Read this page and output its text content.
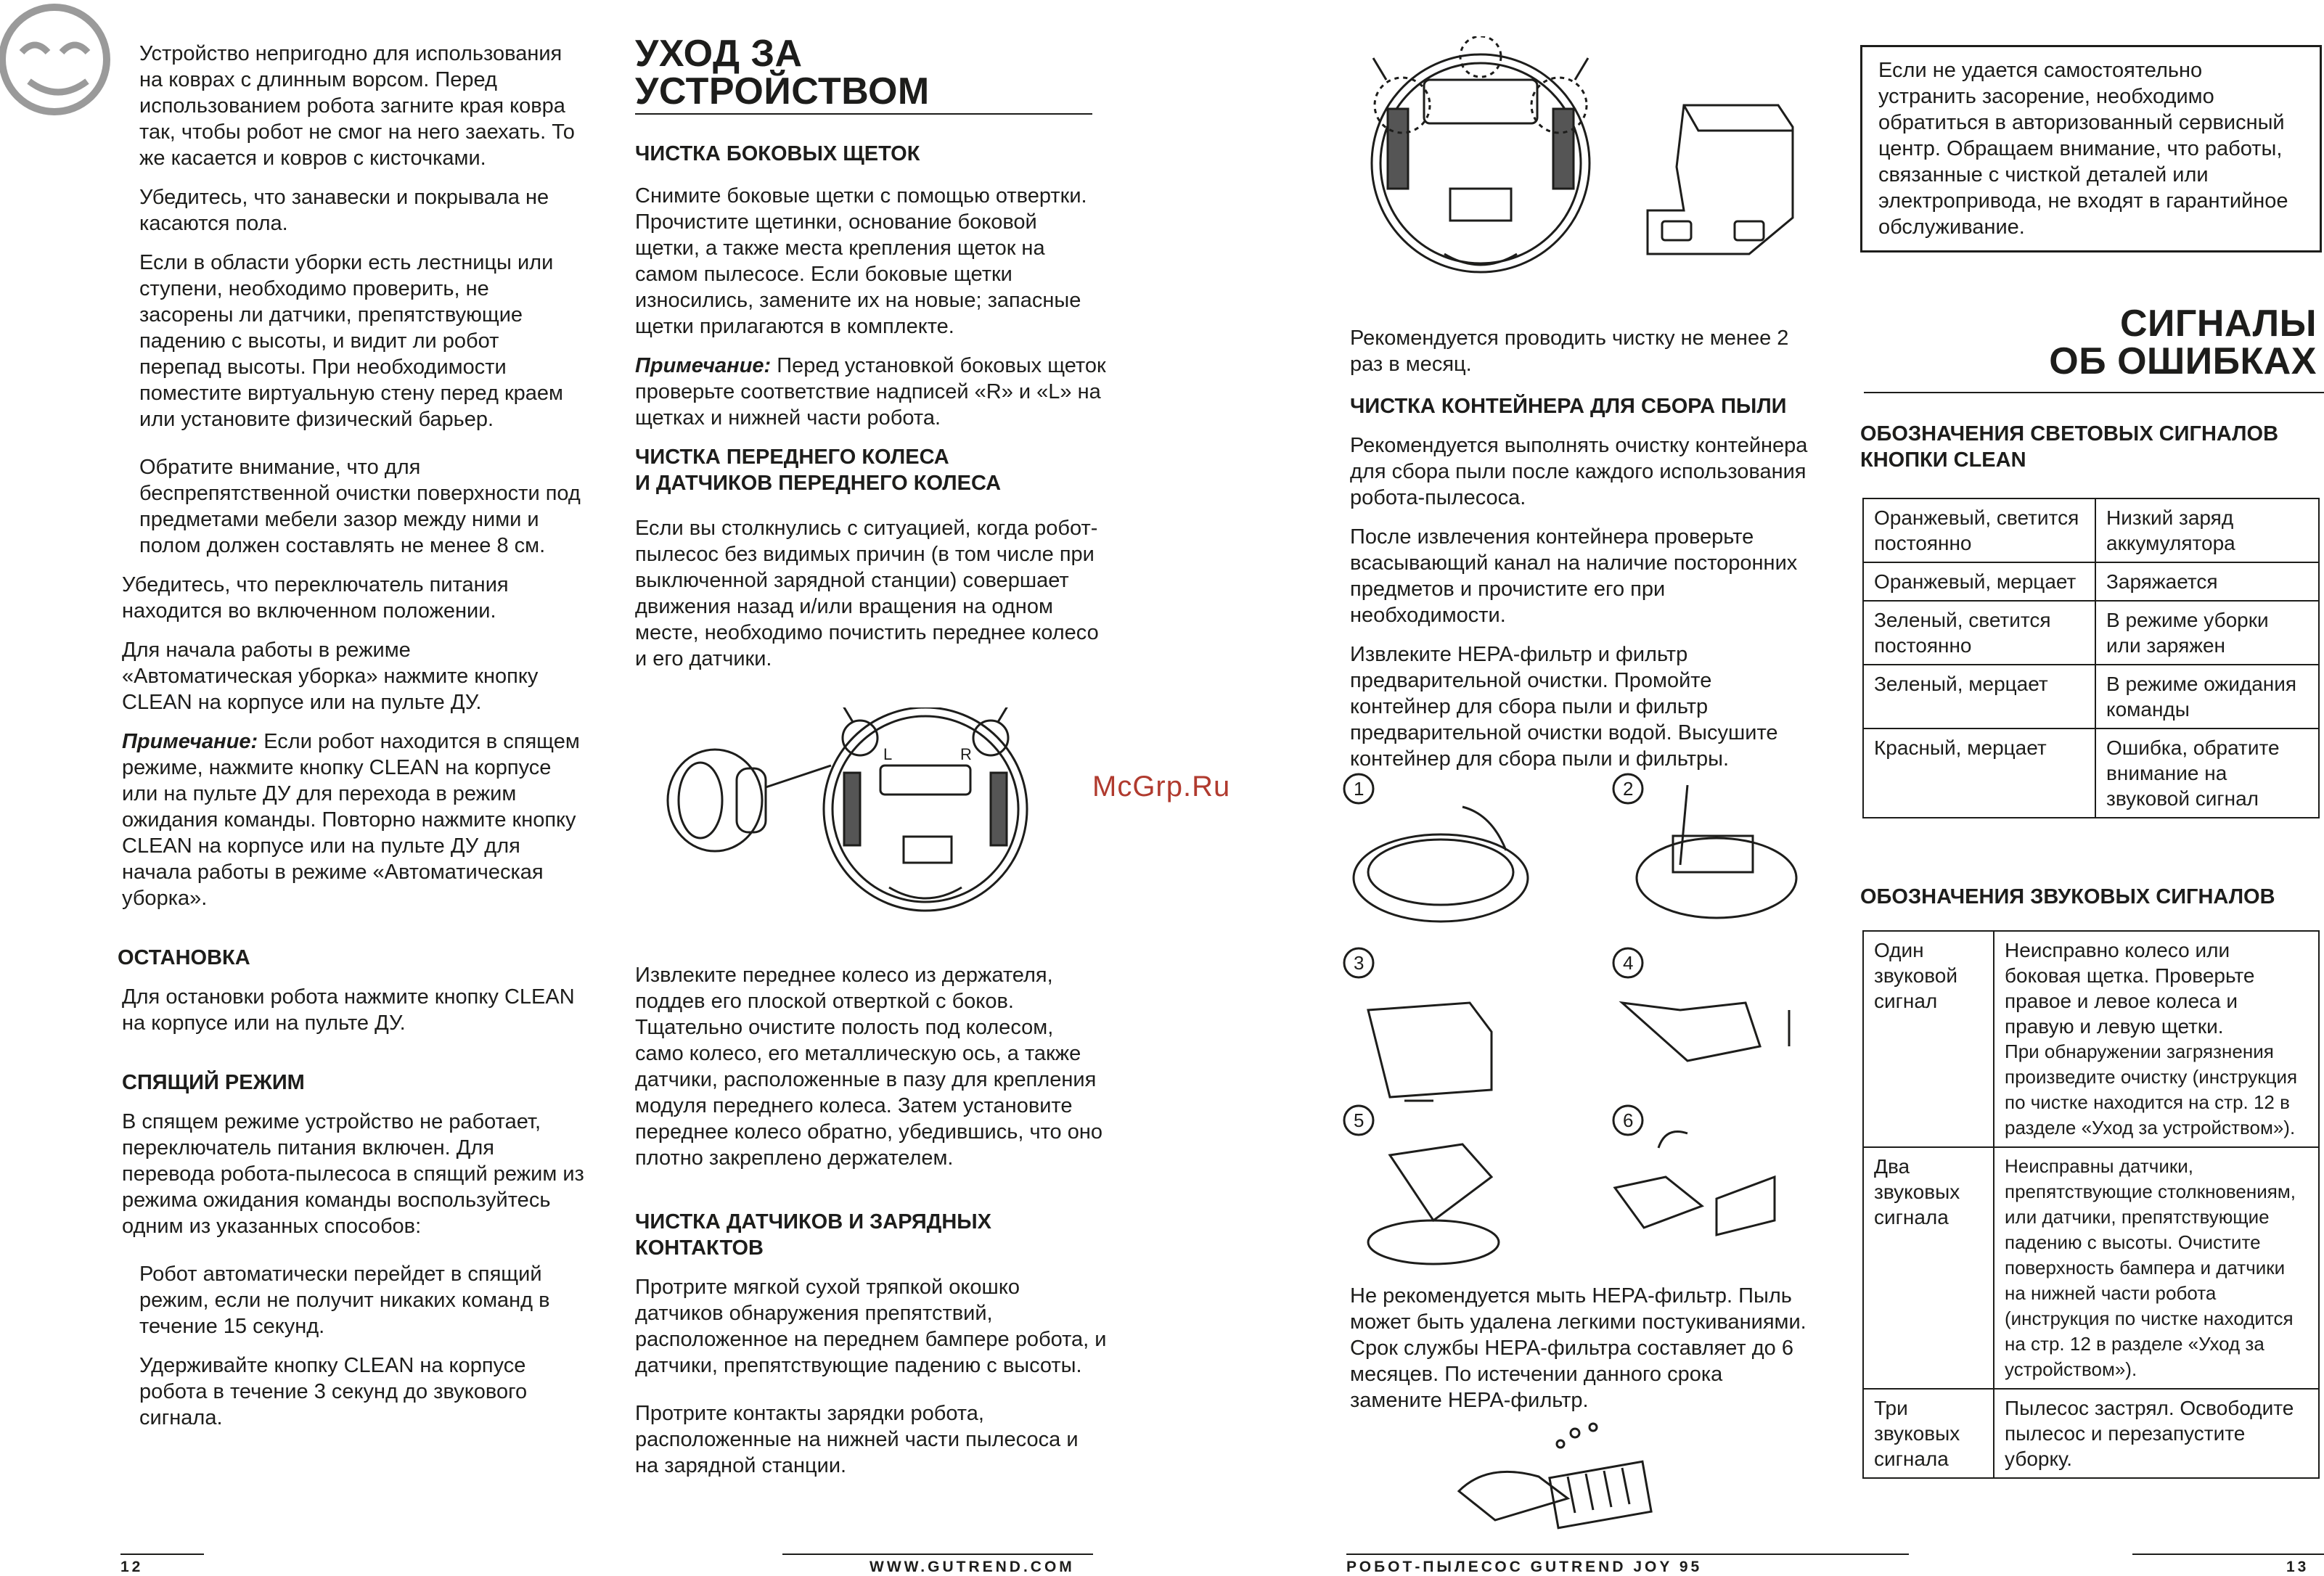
Устройство непригодно для использования на коврах с длинным ворсом. Перед использованием робота загните края ковра так, чтобы робот не смог на него заехать. То же касается и ковров с кисточками.

Убедитесь, что занавески и покрывала не касаются пола.

Если в области уборки есть лестницы или ступени, необходимо проверить, не засорены ли датчики, препятствующие падению с высоты, и видит ли робот перепад высоты. При необходимости поместите виртуальную стену перед краем или установите физический барьер.

Обратите внимание, что для беспрепятственной очистки поверхности под предметами мебели зазор между ними и полом должен составлять не менее 8 см.

Убедитесь, что переключатель питания находится во включенном положении.

Для начала работы в режиме «Автоматическая уборка» нажмите кнопку CLEAN на корпусе или на пульте ДУ.

Примечание: Если робот находится в спящем режиме, нажмите кнопку CLEAN на корпусе или на пульте ДУ для перехода в режим ожидания команды. Повторно нажмите кнопку CLEAN на корпусе или на пульте ДУ для начала работы в режиме «Автоматическая уборка».

ОСТАНОВКА

Для остановки робота нажмите кнопку CLEAN на корпусе или на пульте ДУ.

СПЯЩИЙ РЕЖИМ

В спящем режиме устройство не работает, переключатель питания включен. Для перевода робота-пылесоса в спящий режим из режима ожидания команды воспользуйтесь одним из указанных способов:

Робот автоматически перейдет в спящий режим, если не получит никаких команд в течение 15 секунд.

Удерживайте кнопку CLEAN на корпусе робота в течение 3 секунд до звукового сигнала.

УХОД ЗА

УСТРОЙСТВОМ

ЧИСТКА БОКОВЫХ ЩЕТОК

Снимите боковые щетки с помощью отвертки. Прочистите щетинки, основание боковой щетки, а также места крепления щеток на самом пылесосе. Если боковые щетки износились, замените их на новые; запасные щетки прилагаются в комплекте.

Примечание: Перед установкой боковых щеток проверьте соответствие надписей «R» и «L» на щетках и нижней части робота.

ЧИСТКА ПЕРЕДНЕГО КОЛЕСА

И ДАТЧИКОВ ПЕРЕДНЕГО КОЛЕСА

Если вы столкнулись с ситуацией, когда робот-пылесос без видимых причин (в том числе при выключенной зарядной станции) совершает движения назад и/или вращения на одном месте, необходимо почистить переднее колесо и его датчики.

L	R

Извлеките переднее колесо из держателя, поддев его плоской отверткой с боков. Тщательно очистите полость под колесом, само колесо, его металлическую ось, а также датчики, расположенные в пазу для крепления модуля переднего колеса. Затем установите переднее колесо обратно, убедившись, что оно плотно закреплено держателем.

ЧИСТКА ДАТЧИКОВ И ЗАРЯДНЫХ

КОНТАКТОВ

Протрите мягкой сухой тряпкой окошко датчиков обнаружения препятствий, расположенное на переднем бампере робота, и датчики, препятствующие падению с высоты.

Протрите контакты зарядки робота, расположенные на нижней части пылесоса и на зарядной станции.

12	WWW.GUTREND.COM
McGrp.Ru

Рекомендуется проводить чистку не менее 2 раз в месяц.

ЧИСТКА КОНТЕЙНЕРА ДЛЯ СБОРА ПЫЛИ

Рекомендуется выполнять очистку контейнера для сбора пыли после каждого использования робота-пылесоса.

После извлечения контейнера проверьте всасывающий канал на наличие посторонних предметов и прочистите его при необходимости.

Извлеките HEPA-фильтр и фильтр предварительной очистки. Промойте контейнер для сбора пыли и фильтр предварительной очистки водой. Высушите контейнер для сбора пыли и фильтры.

1	2
3	4
5	6

Не рекомендуется мыть HEPA-фильтр. Пыль может быть удалена легкими постукиваниями. Срок службы HEPA-фильтра составляет до 6 месяцев. По истечении данного срока замените HEPA-фильтр.

РОБОТ-ПЫЛЕСОС GUTREND JOY 95	13

Если не удается самостоятельно устранить засорение, необходимо обратиться в авторизованный сервисный центр. Обращаем внимание, что работы, связанные с чисткой деталей или электропривода, не входят в гарантийное обслуживание.

СИГНАЛЫ

ОБ ОШИБКАХ

ОБОЗНАЧЕНИЯ СВЕТОВЫХ СИГНАЛОВ

КНОПКИ CLEAN

Оранжевый, светится постоянно	Низкий заряд аккумулятора
Оранжевый, мерцает	Заряжается
Зеленый, светится постоянно	В режиме уборки или заряжен
Зеленый, мерцает	В режиме ожидания команды
Красный, мерцает	Ошибка, обратите внимание на звуковой сигнал

ОБОЗНАЧЕНИЯ ЗВУКОВЫХ СИГНАЛОВ

Один звуковой сигнал	Неисправно колесо или боковая щетка. Проверьте правое и левое колеса и правую и левую щетки.
При обнаружении загрязнения произведите очистку (инструкция по чистке находится на стр. 12 в разделе «Уход за устройством»).

Два звуковых сигнала	Неисправны датчики, препятствующие столкновениям, или датчики, препятствующие падению с высоты. Очистите поверхность бампера и датчики на нижней части робота (инструкция по чистке находится на стр. 12 в разделе «Уход за устройством»).
Три звуковых сигнала	Пылесос застрял. Освободите пылесос и перезапустите уборку.
